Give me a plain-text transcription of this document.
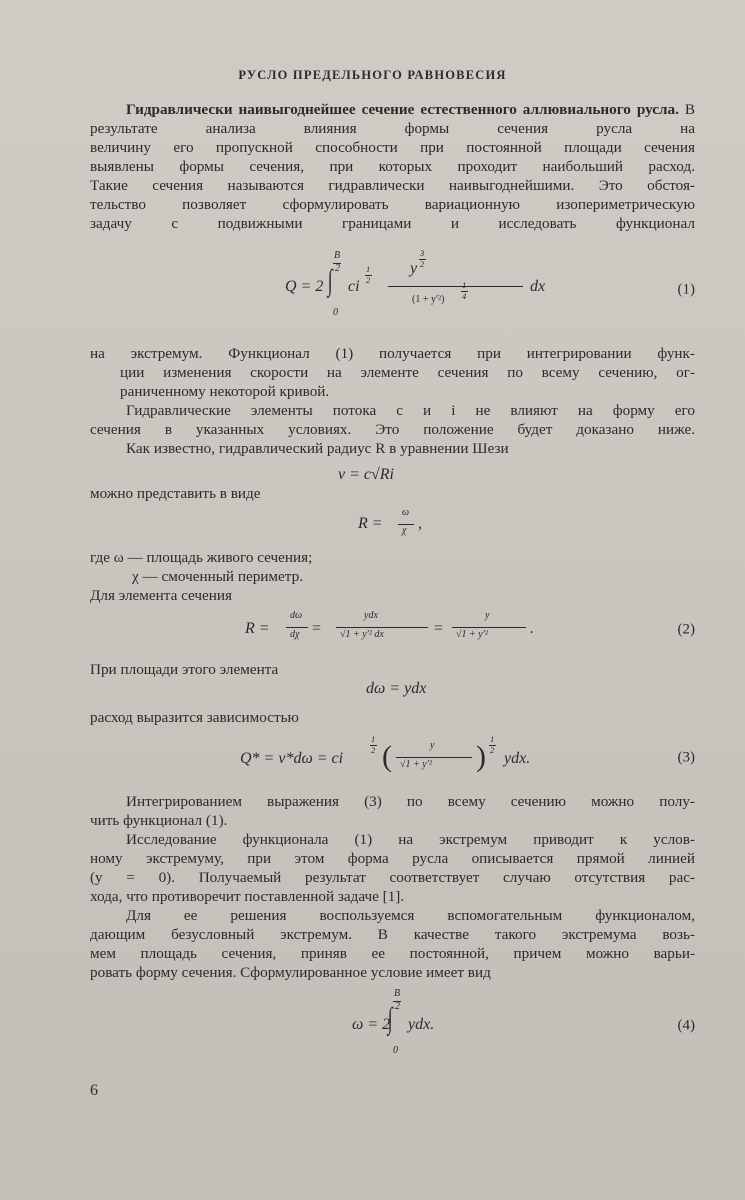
РУСЛО ПРЕДЕЛЬНОГО РАВНОВЕСИЯ

Гидравлически наивыгоднейшее сечение естественного аллювиального русла. В результате анализа влияния формы сечения русла на

величину его пропускной способности при постоянной площади сечения

выявлены формы сечения, при которых проходит наибольший расход.

Такие сечения называются гидравлически наивыгоднейшими. Это обстоя-

тельство позволяет сформулировать вариационную изопериметрическую

задачу с подвижными границами и исследовать функционал

Q = 2 ∫
B
2
0
ci
1
2
y
3
2
(1 + y′²)
1
4
dx	(1)

на экстремум. Функционал (1) получается при интегрировании функ-

ции изменения скорости на элементе сечения по всему сечению, ог-

раниченному некоторой кривой.

Гидравлические элементы потока c и i не влияют на форму его

сечения в указанных условиях. Это положение будет доказано ниже.

Как известно, гидравлический радиус R в уравнении Шези

v = c√Ri

можно представить в виде

R =
ω
χ ,

где ω — площадь живого сечения;

χ — смоченный периметр.

Для элемента сечения

R =
dω
dχ =
ydx
√1 + y′² dx	=
y
√1 + y′²	.	(2)

При площади этого элемента

dω = ydx

расход выразится зависимостью

Q* = v*dω = ci
1
2 (	y
√1 + y′² )
1
2 ydx.	(3)

Интегрированием выражения (3) по всему сечению можно полу-

чить функционал (1).

Исследование функционала (1) на экстремум приводит к услов-

ному экстремуму, при этом форма русла описывается прямой линией

(y = 0). Получаемый результат соответствует случаю отсутствия рас-

хода, что противоречит поставленной задаче [1].

Для ее решения воспользуемся вспомогательным функционалом,

дающим безусловный экстремум. В качестве такого экстремума возь-

мем площадь сечения, приняв ее постоянной, причем можно варьи-

ровать форму сечения. Сформулированное условие имеет вид

ω = 2
∫
B
2
0
ydx.	(4)
6
